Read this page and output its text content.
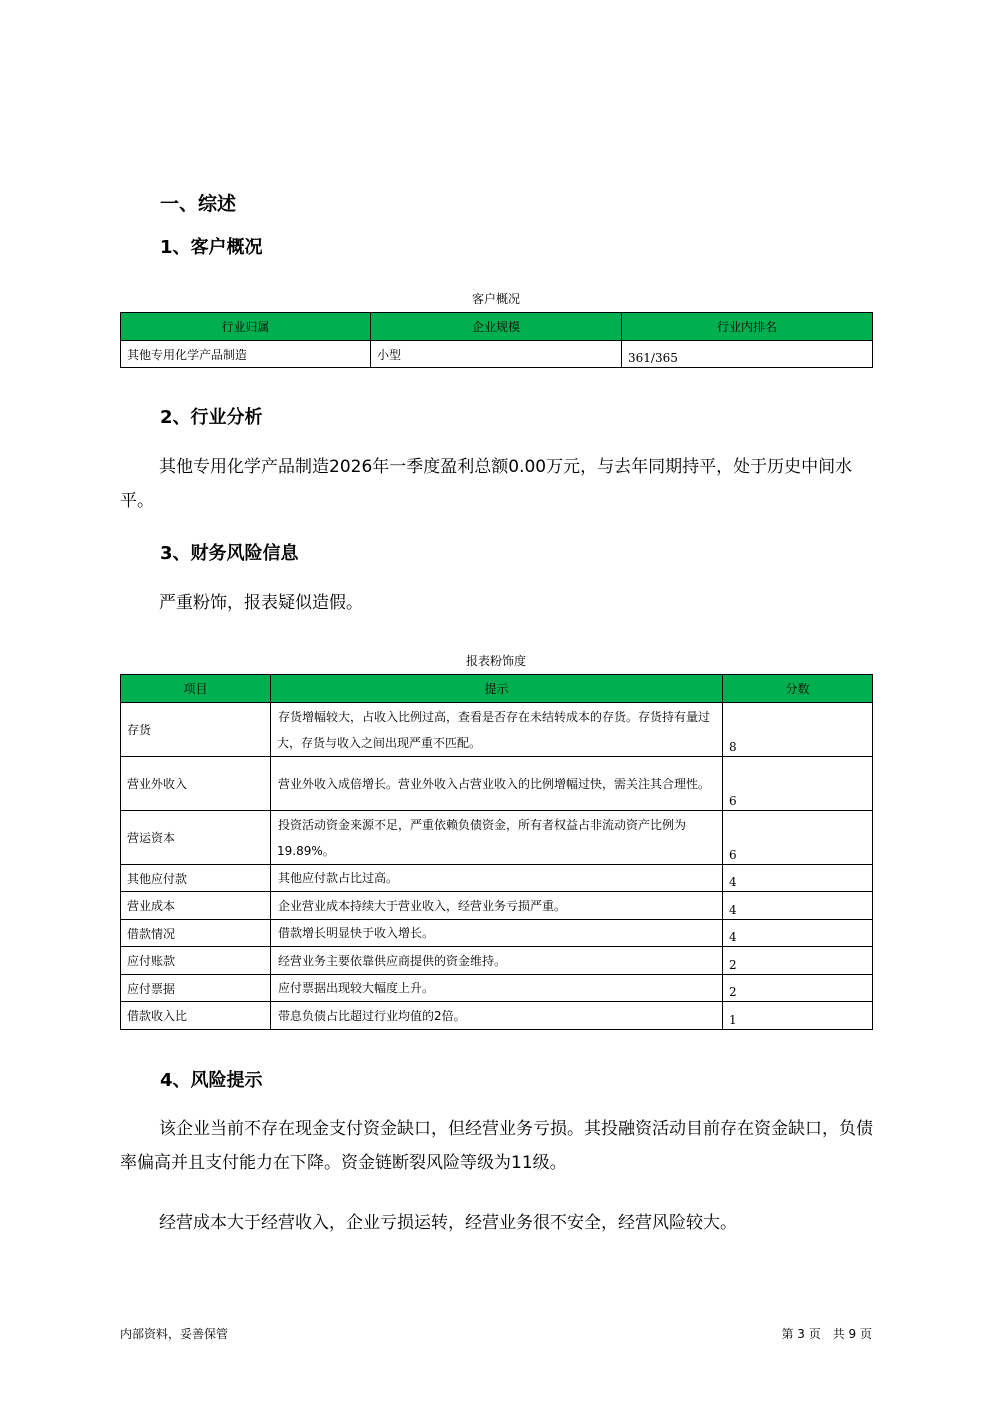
一、综述
1、客户概况
客户概况
行业归属	企业规模	行业内排名
其他专用化学产品制造	小型	361/365
2、行业分析
其他专用化学产品制造2026年一季度盈利总额0.00万元，与去年同期持平，处于历史中间水平。
3、财务风险信息
严重粉饰，报表疑似造假。
报表粉饰度
项目	提示	分数
存货	存货增幅较大，占收入比例过高，查看是否存在未结转成本的存货。存货持有量过大，存货与收入之间出现严重不匹配。	8
营业外收入	营业外收入成倍增长。营业外收入占营业收入的比例增幅过快，需关注其合理性。	6
营运资本	投资活动资金来源不足，严重依赖负债资金，所有者权益占非流动资产比例为19.89%。	6
其他应付款	其他应付款占比过高。	4
营业成本	企业营业成本持续大于营业收入，经营业务亏损严重。	4
借款情况	借款增长明显快于收入增长。	4
应付账款	经营业务主要依靠供应商提供的资金维持。	2
应付票据	应付票据出现较大幅度上升。	2
借款收入比	带息负债占比超过行业均值的2倍。	1
4、风险提示
该企业当前不存在现金支付资金缺口，但经营业务亏损。其投融资活动目前存在资金缺口，负债率偏高并且支付能力在下降。资金链断裂风险等级为11级。
经营成本大于经营收入，企业亏损运转，经营业务很不安全，经营风险较大。
内部资料，妥善保管	第 3 页　共 9 页
